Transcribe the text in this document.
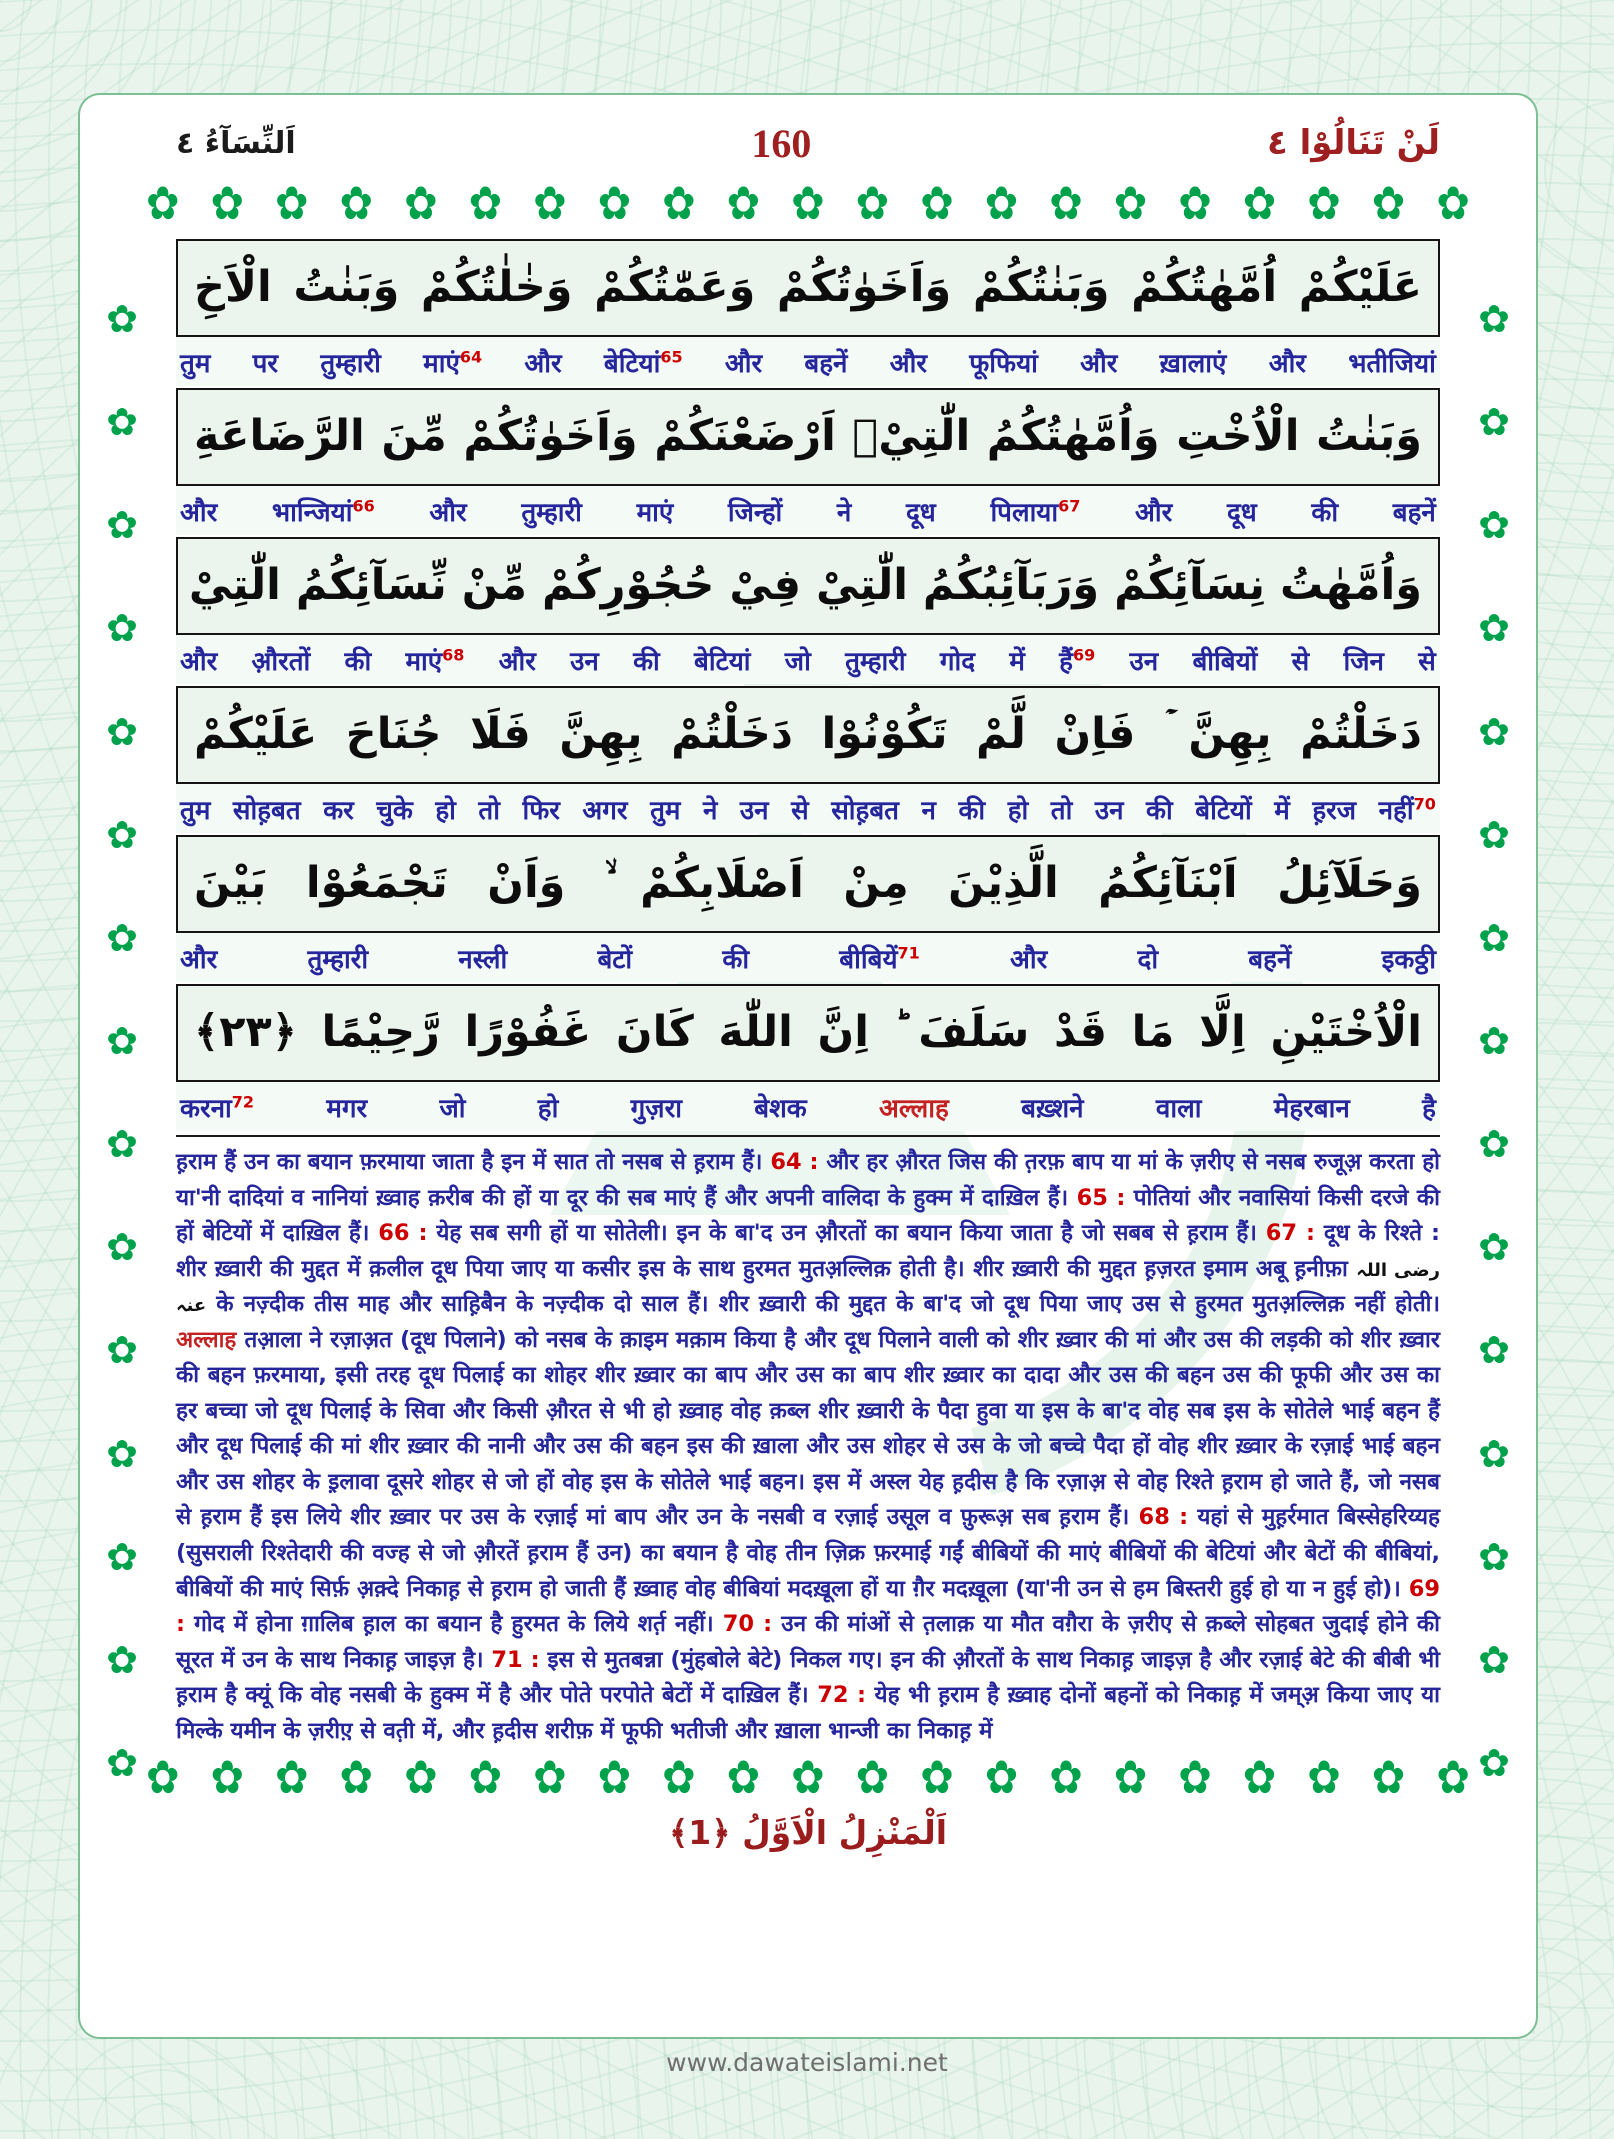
اَلنِّسَآءُ ٤	160	لَنْ تَنَالُوْا ٤
✿ ✿ ✿ ✿ ✿ ✿ ✿ ✿ ✿ ✿ ✿ ✿ ✿ ✿ ✿ ✿ ✿ ✿ ✿ ✿ ✿
✿
✿
✿
✿
✿
✿
✿
✿
✿
✿
✿
✿
✿
✿
✿
✿
✿
✿
✿
✿
✿
✿
✿
✿
✿
✿
✿
✿
✿
✿
عَلَيْكُمْ اُمَّهٰتُكُمْ وَبَنٰتُكُمْ وَاَخَوٰتُكُمْ وَعَمّٰتُكُمْ وَخٰلٰتُكُمْ وَبَنٰتُ الْاَخِ
तुम पर तुम्हारी माएं$^{64}$ और बेटियां$^{65}$ और बहनें और फूफियां और ख़ालाएं और भतीजियां
وَبَنٰتُ الْاُخْتِ وَاُمَّهٰتُكُمُ الّٰتِيْۤ اَرْضَعْنَكُمْ وَاَخَوٰتُكُمْ مِّنَ الرَّضَاعَةِ
और भान्जियां$^{66}$ और तुम्हारी माएं जिन्हों ने दूध पिलाया$^{67}$ और दूध की बहनें
وَاُمَّهٰتُ نِسَآئِكُمْ وَرَبَآئِبُكُمُ الّٰتِيْ فِيْ حُجُوْرِكُمْ مِّنْ نِّسَآئِكُمُ الّٰتِيْ
और औ़रतों की माएं$^{68}$ और उन की बेटियां जो तुम्हारी गोद में हैं$^{69}$ उन बीबियों से जिन से
دَخَلْتُمْ بِهِنَّ ۡ فَاِنْ لَّمْ تَكُوْنُوْا دَخَلْتُمْ بِهِنَّ فَلَا جُنَاحَ عَلَيْكُمْ
तुम सोह़बत कर चुके हो तो फिर अगर तुम ने उन से सोह़बत न की हो तो उन की बेटियों में ह़रज नहीं$^{70}$
وَحَلَآئِلُ اَبْنَآئِكُمُ الَّذِيْنَ مِنْ اَصْلَابِكُمْ ۙ وَاَنْ تَجْمَعُوْا بَيْنَ
और	तुम्हारी	नस्ली	बेटों	की	बीबियें$^{71}$	और	दो	बहनें	इकठ्ठी
الْاُخْتَيْنِ اِلَّا مَا قَدْ سَلَفَ ؕ اِنَّ اللّٰهَ كَانَ غَفُوْرًا رَّحِيْمًا ﴿۲۳﴾
करना$^{72}$	मगर	जो	हो	गुज़रा	बेशक	अल्लाह	बख़्शने	वाला	मेहरबान	है
ह़राम हैं उन का बयान फ़रमाया जाता है इन में सात तो नसब से ह़राम हैं। 64 : और हर औ़रत जिस की त़रफ़ बाप या मां के ज़रीए से नसब रुजूअ़ करता हो या'नी दादियां व नानियां ख़्वाह क़रीब की हों या दूर की सब माएं हैं और अपनी वालिदा के हुक्म में दाख़िल हैं। 65 : पोतियां और नवासियां किसी दरजे की हों बेटियों में दाख़िल हैं। 66 : येह सब सगी हों या सोतेली। इन के बा'द उन औ़रतों का बयान किया जाता है जो सबब से ह़राम हैं। 67 : दूध के रिश्ते : शीर ख़्वारी की मुद्दत में क़लील दूध पिया जाए या कसीर इस के साथ हुरमत मुतअ़ल्लिक़ होती है। शीर ख़्वारी की मुद्दत ह़ज़रत इमाम अबू ह़नीफ़ा رضی اللہ عنہ के नज़्दीक तीस माह और साह़िबैन के नज़्दीक दो साल हैं। शीर ख़्वारी की मुद्दत के बा'द जो दूध पिया जाए उस से हुरमत मुतअ़ल्लिक़ नहीं होती। अल्लाह तआ़ला ने रज़ाअ़त (दूध पिलाने) को नसब के क़ाइम मक़ाम किया है और दूध पिलाने वाली को शीर ख़्वार की मां और उस की लड़की को शीर ख़्वार की बहन फ़रमाया, इसी तरह दूध पिलाई का शोहर शीर ख़्वार का बाप और उस का बाप शीर ख़्वार का दादा और उस की बहन उस की फूफी और उस का हर बच्चा जो दूध पिलाई के सिवा और किसी औ़रत से भी हो ख़्वाह वोह क़ब्ल शीर ख़्वारी के पैदा हुवा या इस के बा'द वोह सब इस के सोतेले भाई बहन हैं और दूध पिलाई की मां शीर ख़्वार की नानी और उस की बहन इस की ख़ाला और उस शोहर से उस के जो बच्चे पैदा हों वोह शीर ख़्वार के रज़ाई भाई बहन और उस शोहर के इ़लावा दूसरे शोहर से जो हों वोह इस के सोतेले भाई बहन। इस में अस्ल येह ह़दीस है कि रज़ाअ़ से वोह रिश्ते ह़राम हो जाते हैं, जो नसब से ह़राम हैं इस लिये शीर ख़्वार पर उस के रज़ाई मां बाप और उन के नसबी व रज़ाई उसूल व फ़ुरूअ़ सब ह़राम हैं। 68 : यहां से मुह़र्रमात बिस्सेहरिय्यह (सुसराली रिश्तेदारी की वज्ह से जो औ़रतें ह़राम हैं उन) का बयान है वोह तीन ज़िक्र फ़रमाई गईं बीबियों की माएं बीबियों की बेटियां और बेटों की बीबियां, बीबियों की माएं सिर्फ़ अ़क़्दे निकाह़ से ह़राम हो जाती हैं ख़्वाह वोह बीबियां मदख़ूला हों या ग़ैर मदख़ूला (या'नी उन से हम बिस्तरी हुई हो या न हुई हो)। 69 : गोद में होना ग़ालिब ह़ाल का बयान है हुरमत के लिये शर्त़ नहीं। 70 : उन की मांओं से त़लाक़ या मौत वग़ैरा के ज़रीए से क़ब्ले सोहबत जुदाई होने की सूरत में उन के साथ निकाह़ जाइज़ है। 71 : इस से मुतबन्ना (मुंहबोले बेटे) निकल गए। इन की औ़रतों के साथ निकाह़ जाइज़ है और रज़ाई बेटे की बीबी भी ह़राम है क्यूं कि वोह नसबी के हुक्म में है और पोते परपोते बेटों में दाख़िल हैं। 72 : येह भी ह़राम है ख़्वाह दोनों बहनों को निकाह़ में जम्अ़ किया जाए या मिल्के यमीन के ज़रीए़ से वत़ी में, और ह़दीस शरीफ़ में फूफी भतीजी और ख़ाला भान्जी का निकाह़ में
✿ ✿ ✿ ✿ ✿ ✿ ✿ ✿ ✿ ✿ ✿ ✿ ✿ ✿ ✿ ✿ ✿ ✿ ✿ ✿ ✿
اَلْمَنْزِلُ الْاَوَّلُ ﴿1﴾
www.dawateislami.net
